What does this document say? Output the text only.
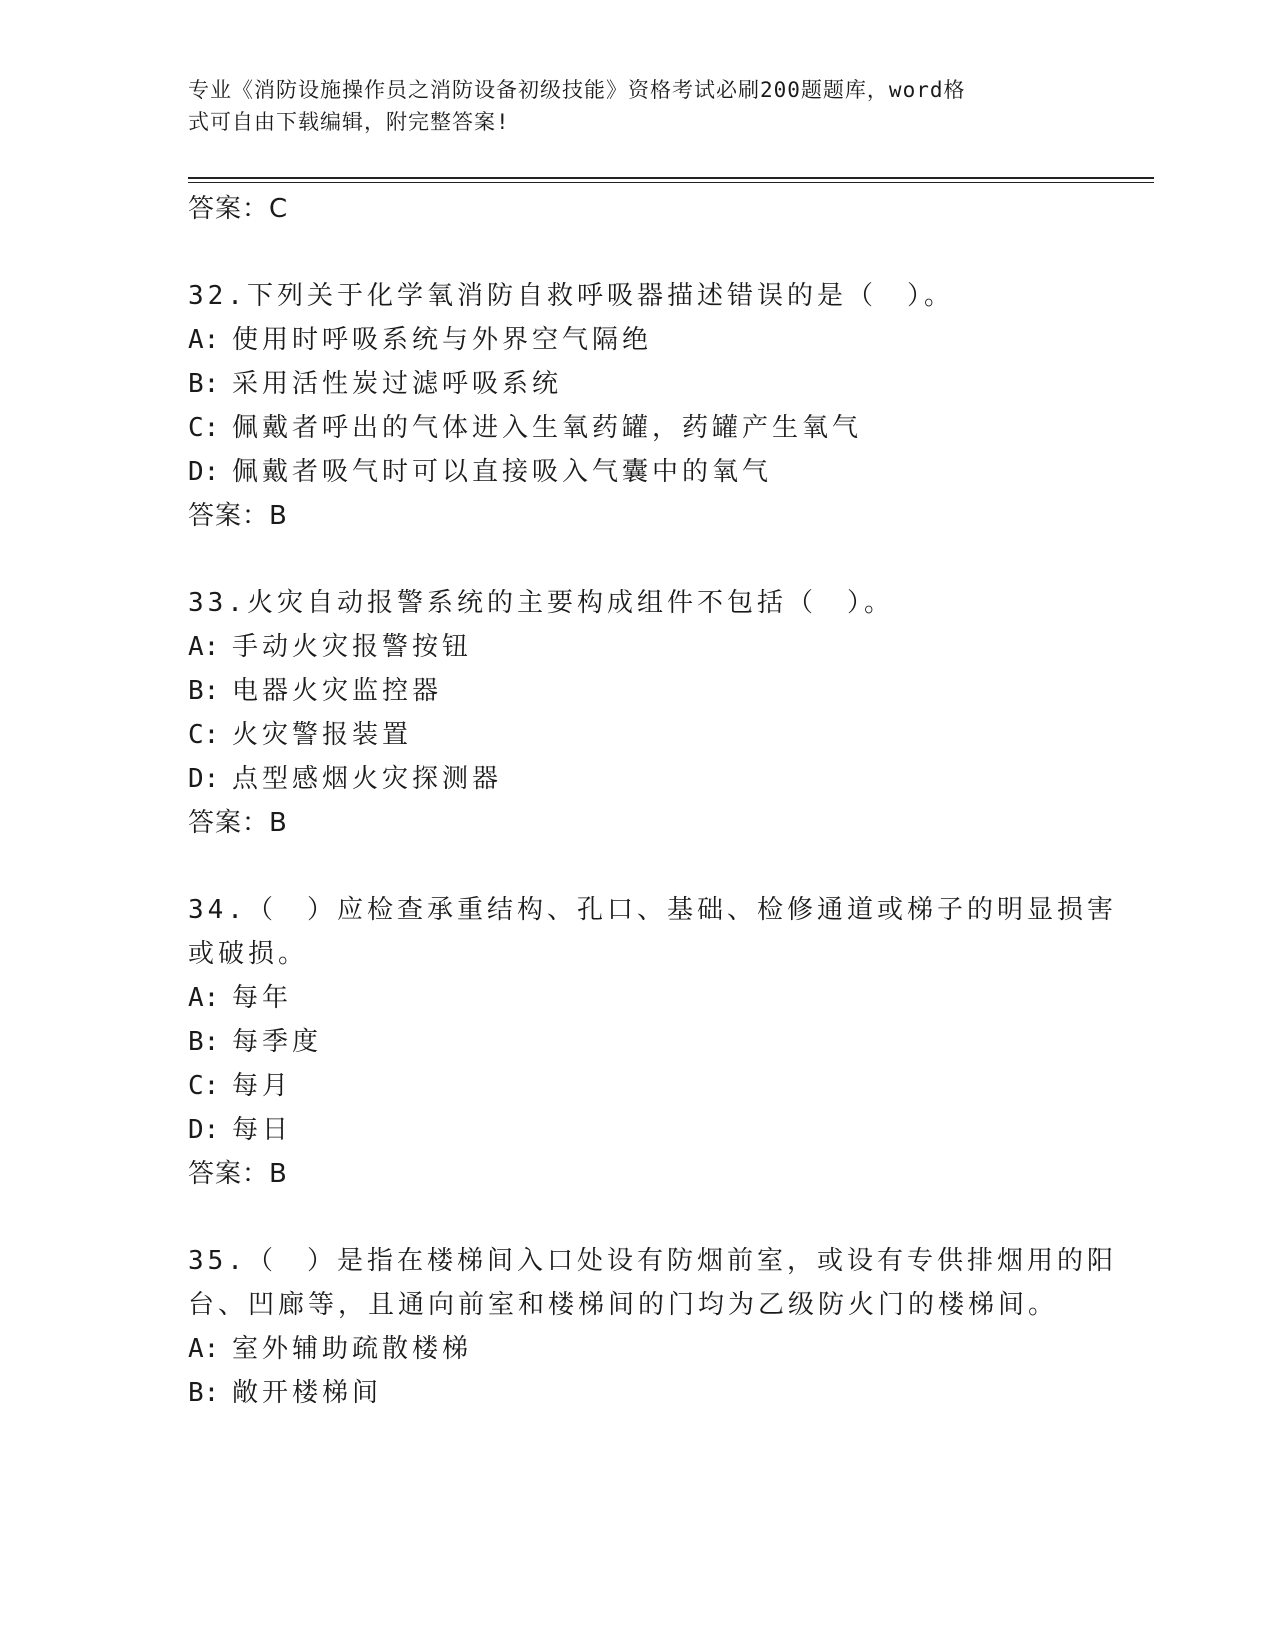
专业《消防设施操作员之消防设备初级技能》资格考试必刷200题题库，word格
式可自由下载编辑，附完整答案!
答案：C
32.下列关于化学氧消防自救呼吸器描述错误的是（　）。
A: 使用时呼吸系统与外界空气隔绝
B: 采用活性炭过滤呼吸系统
C: 佩戴者呼出的气体进入生氧药罐，药罐产生氧气
D: 佩戴者吸气时可以直接吸入气囊中的氧气
答案：B
33.火灾自动报警系统的主要构成组件不包括（　）。
A: 手动火灾报警按钮
B: 电器火灾监控器
C: 火灾警报装置
D: 点型感烟火灾探测器
答案：B
34.（　）应检查承重结构、孔口、基础、检修通道或梯子的明显损害
或破损。
A: 每年
B: 每季度
C: 每月
D: 每日
答案：B
35.（　）是指在楼梯间入口处设有防烟前室，或设有专供排烟用的阳
台、凹廊等，且通向前室和楼梯间的门均为乙级防火门的楼梯间。
A: 室外辅助疏散楼梯
B: 敞开楼梯间
